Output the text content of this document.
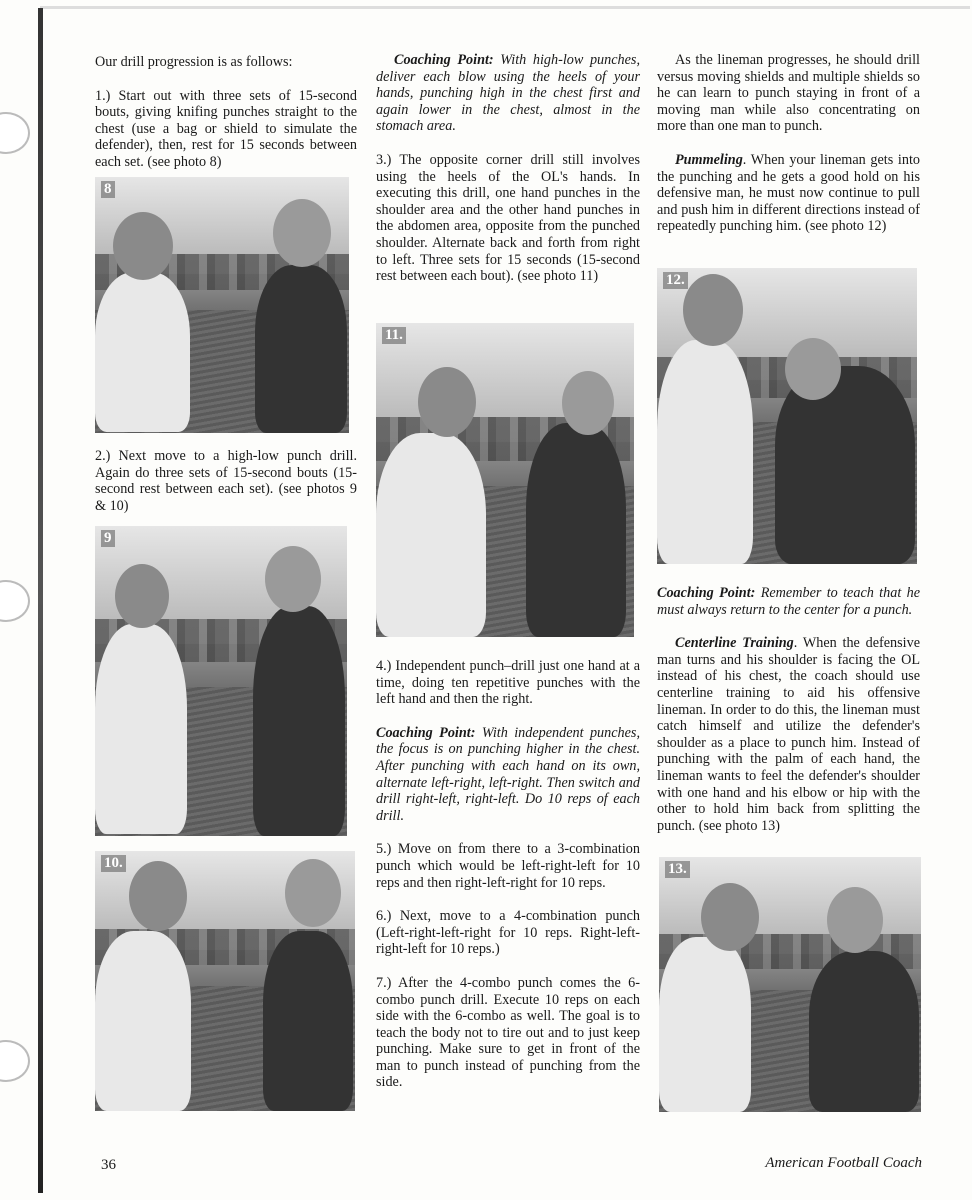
Our drill progression is as follows:

1.) Start out with three sets of 15-second bouts, giving knifing punches straight to the chest (use a bag or shield to simulate the defender), then, rest for 15 seconds between each set. (see photo 8)

8

2.) Next move to a high-low punch drill. Again do three sets of 15-second bouts (15-second rest between each set). (see photos 9 & 10)

9
10.

Coaching Point: With high-low punches, deliver each blow using the heels of your hands, punching high in the chest first and again lower in the chest, almost in the stomach area.

3.) The opposite corner drill still involves using the heels of the OL's hands. In executing this drill, one hand punches in the shoulder area and the other hand punches in the abdomen area, opposite from the punched shoulder. Alternate back and forth from right to left. Three sets for 15 seconds (15-second rest between each bout). (see photo 11)

11.

4.) Independent punch–drill just one hand at a time, doing ten repetitive punches with the left hand and then the right.

Coaching Point: With independent punches, the focus is on punching higher in the chest. After punching with each hand on its own, alternate left-right, left-right. Then switch and drill right-left, right-left. Do 10 reps of each drill.

5.) Move on from there to a 3-combination punch which would be left-right-left for 10 reps and then right-left-right for 10 reps.

6.) Next, move to a 4-combination punch (Left-right-left-right for 10 reps. Right-left-right-left for 10 reps.)

7.) After the 4-combo punch comes the 6-combo punch drill. Execute 10 reps on each side with the 6-combo as well. The goal is to teach the body not to tire out and to just keep punching. Make sure to get in front of the man to punch instead of punching from the side.

As the lineman progresses, he should drill versus moving shields and multiple shields so he can learn to punch staying in front of a moving man while also concentrating on more than one man to punch.

Pummeling. When your lineman gets into the punching and he gets a good hold on his defensive man, he must now continue to pull and push him in different directions instead of repeatedly punching him. (see photo 12)

12.

Coaching Point: Remember to teach that he must always return to the center for a punch.

Centerline Training. When the defensive man turns and his shoulder is facing the OL instead of his chest, the coach should use centerline training to aid his offensive lineman. In order to do this, the lineman must catch himself and utilize the defender's shoulder as a place to punch him. Instead of punching with the palm of each hand, the lineman wants to feel the defender's shoulder with one hand and his elbow or hip with the other to hold him back from splitting the punch. (see photo 13)

13.
36	American Football Coach
